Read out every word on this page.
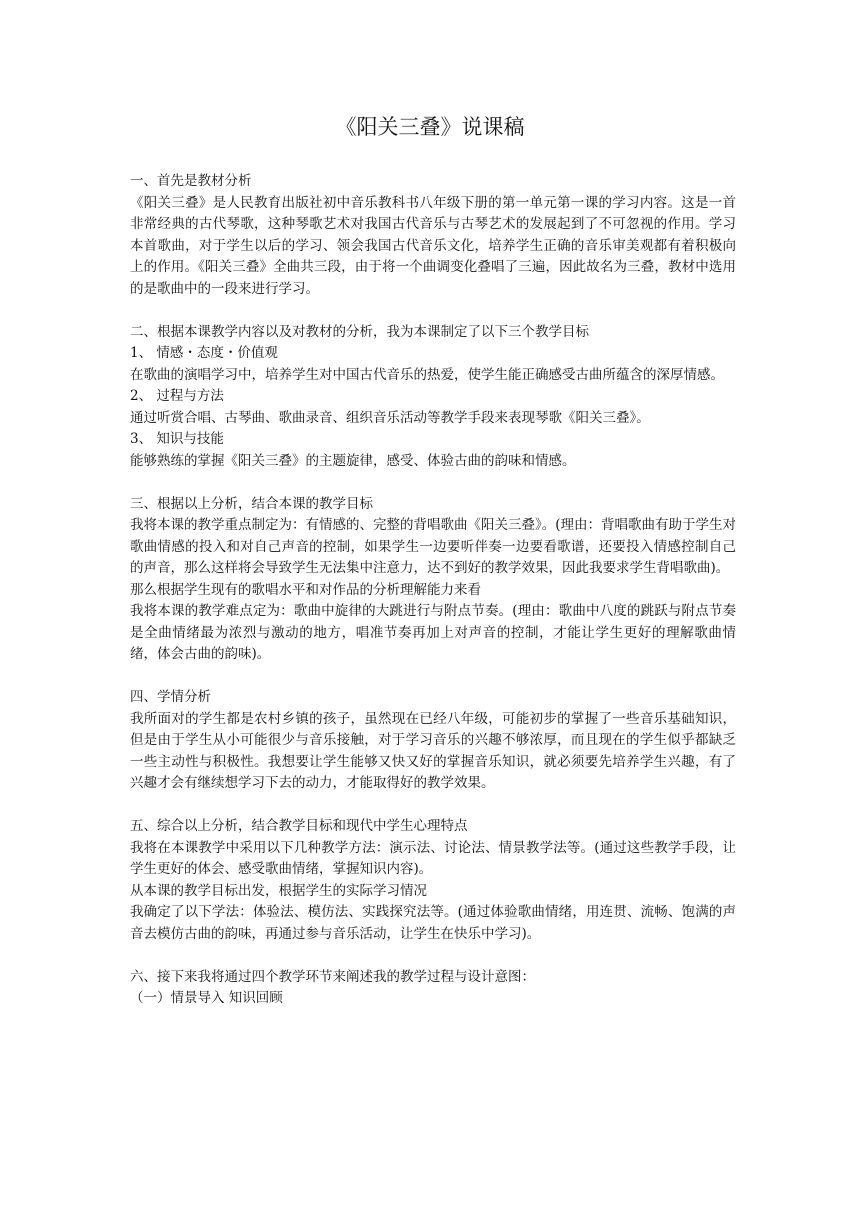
《阳关三叠》说课稿

一、首先是教材分析

《阳关三叠》是人民教育出版社初中音乐教科书八年级下册的第一单元第一课的学习内容。这是一首非常经典的古代琴歌，这种琴歌艺术对我国古代音乐与古琴艺术的发展起到了不可忽视的作用。学习本首歌曲，对于学生以后的学习、领会我国古代音乐文化，培养学生正确的音乐审美观都有着积极向上的作用。《阳关三叠》全曲共三段，由于将一个曲调变化叠唱了三遍，因此故名为三叠，教材中选用的是歌曲中的一段来进行学习。

二、根据本课教学内容以及对教材的分析，我为本课制定了以下三个教学目标

1、 情感・态度・价值观

在歌曲的演唱学习中，培养学生对中国古代音乐的热爱，使学生能正确感受古曲所蕴含的深厚情感。

2、 过程与方法

通过听赏合唱、古琴曲、歌曲录音、组织音乐活动等教学手段来表现琴歌《阳关三叠》。

3、 知识与技能

能够熟练的掌握《阳关三叠》的主题旋律，感受、体验古曲的韵味和情感。

三、根据以上分析，结合本课的教学目标

我将本课的教学重点制定为：有情感的、完整的背唱歌曲《阳关三叠》。(理由：背唱歌曲有助于学生对歌曲情感的投入和对自己声音的控制，如果学生一边要听伴奏一边要看歌谱，还要投入情感控制自己的声音，那么这样将会导致学生无法集中注意力，达不到好的教学效果，因此我要求学生背唱歌曲)。

那么根据学生现有的歌唱水平和对作品的分析理解能力来看

我将本课的教学难点定为：歌曲中旋律的大跳进行与附点节奏。(理由：歌曲中八度的跳跃与附点节奏是全曲情绪最为浓烈与激动的地方，唱准节奏再加上对声音的控制，才能让学生更好的理解歌曲情绪，体会古曲的韵味)。

四、学情分析

我所面对的学生都是农村乡镇的孩子，虽然现在已经八年级，可能初步的掌握了一些音乐基础知识，但是由于学生从小可能很少与音乐接触，对于学习音乐的兴趣不够浓厚，而且现在的学生似乎都缺乏一些主动性与积极性。我想要让学生能够又快又好的掌握音乐知识，就必须要先培养学生兴趣，有了兴趣才会有继续想学习下去的动力，才能取得好的教学效果。

五、综合以上分析，结合教学目标和现代中学生心理特点

我将在本课教学中采用以下几种教学方法：演示法、讨论法、情景教学法等。(通过这些教学手段，让学生更好的体会、感受歌曲情绪，掌握知识内容)。

从本课的教学目标出发，根据学生的实际学习情况

我确定了以下学法：体验法、模仿法、实践探究法等。(通过体验歌曲情绪，用连贯、流畅、饱满的声音去模仿古曲的韵味，再通过参与音乐活动，让学生在快乐中学习)。

六、接下来我将通过四个教学环节来阐述我的教学过程与设计意图：

（一）情景导入 知识回顾
